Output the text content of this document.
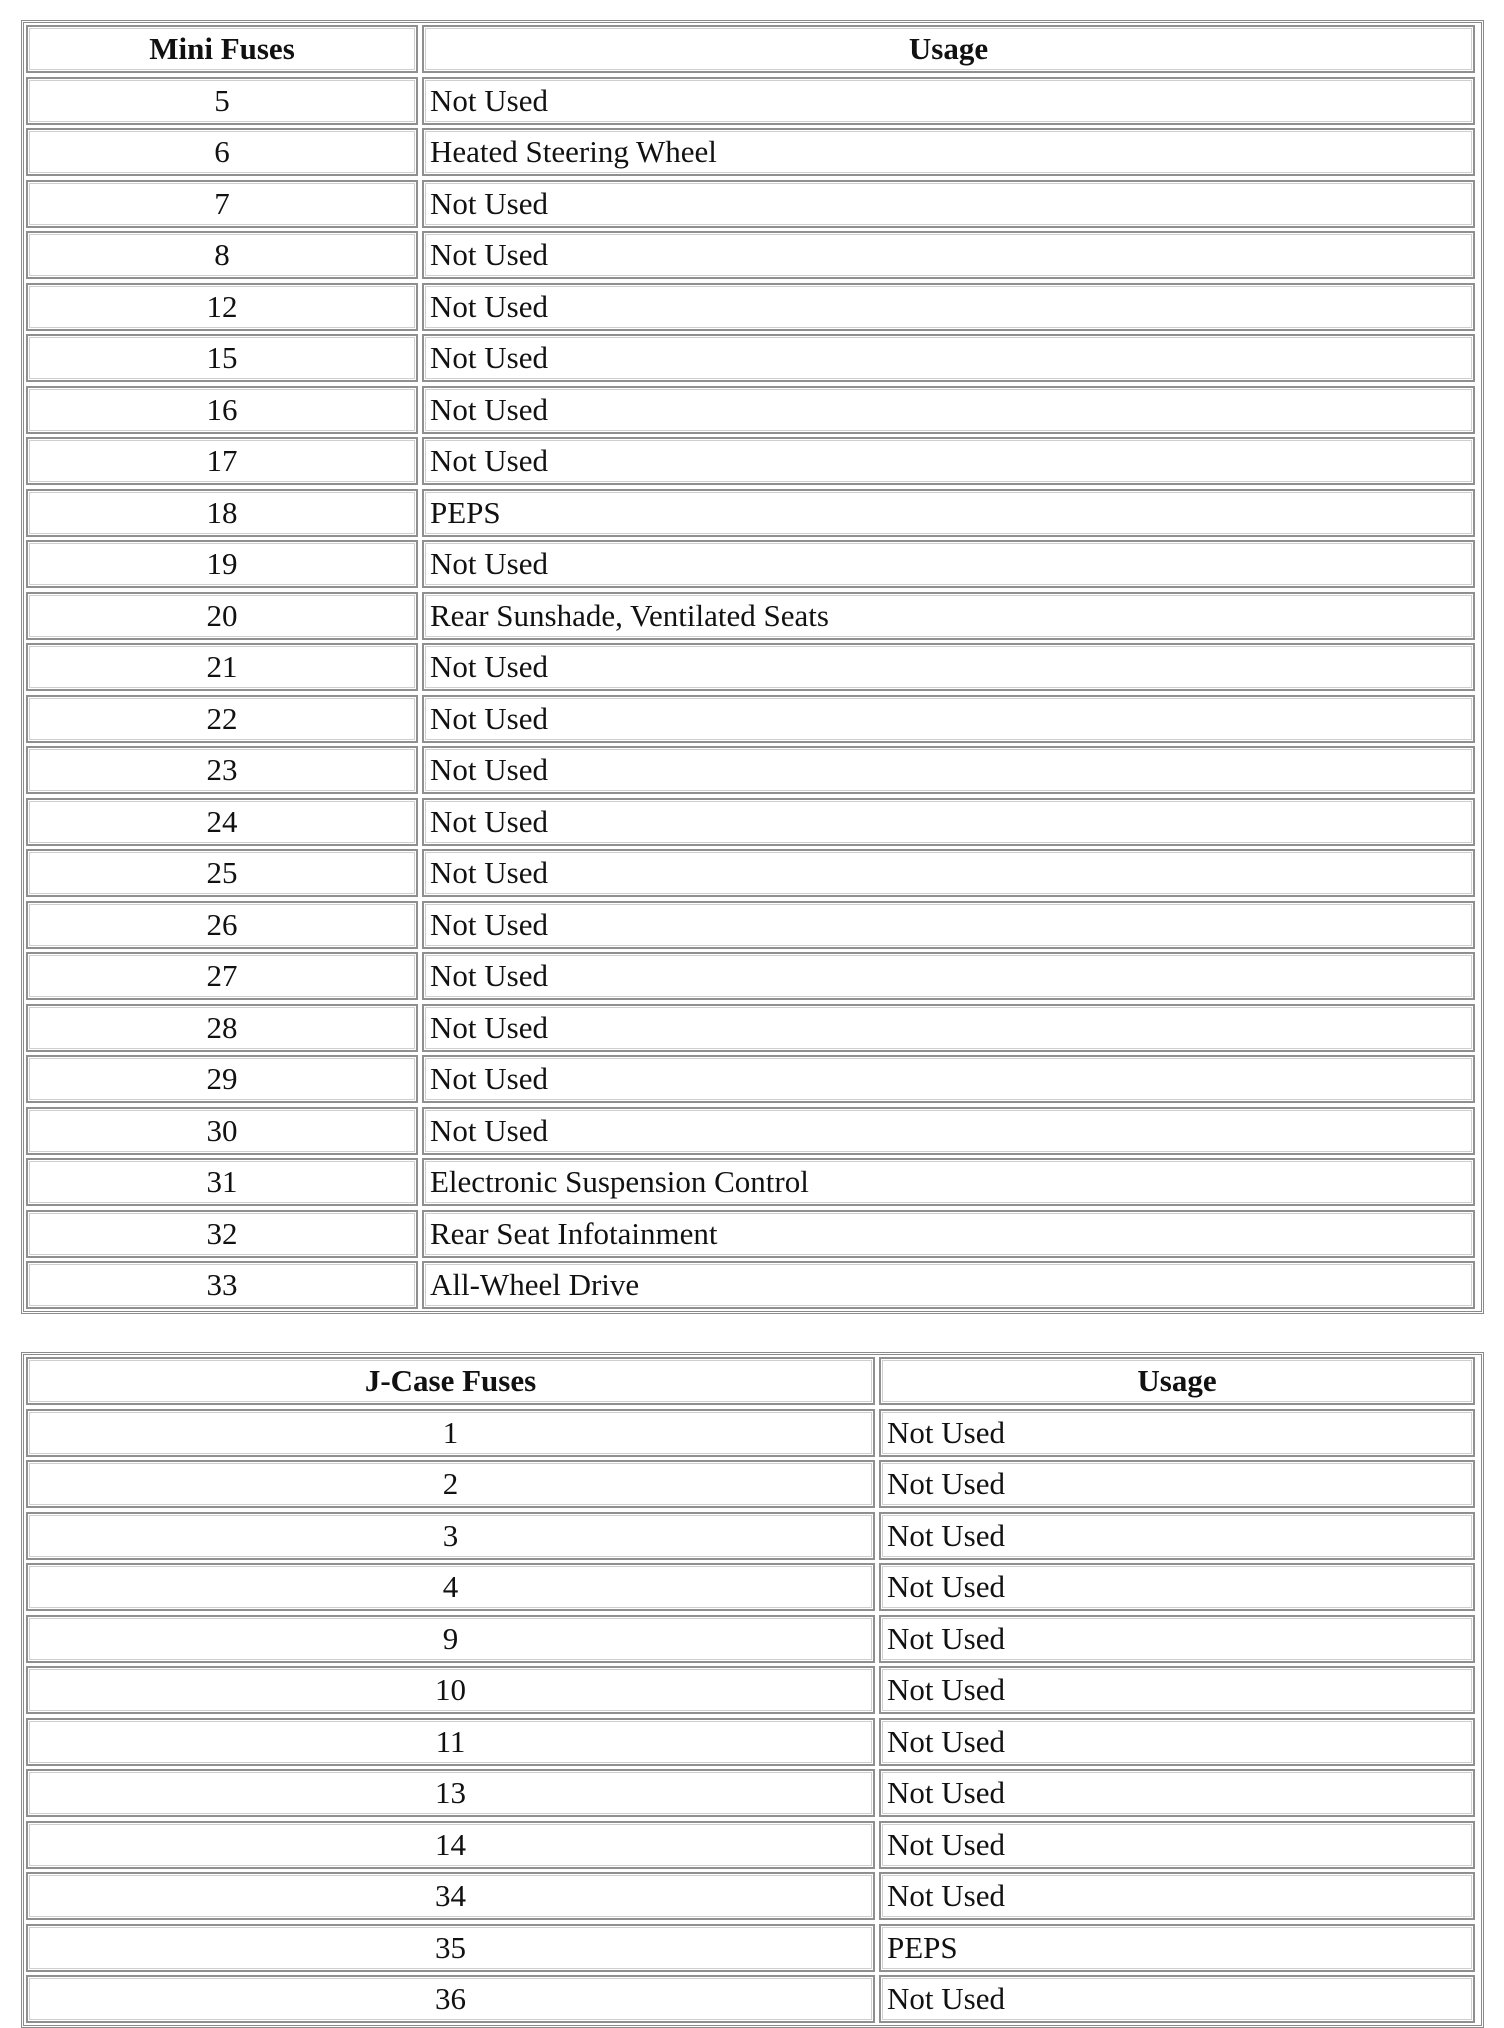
Mini Fuses	Usage
5	Not Used
6	Heated Steering Wheel
7	Not Used
8	Not Used
12	Not Used
15	Not Used
16	Not Used
17	Not Used
18	PEPS
19	Not Used
20	Rear Sunshade, Ventilated Seats
21	Not Used
22	Not Used
23	Not Used
24	Not Used
25	Not Used
26	Not Used
27	Not Used
28	Not Used
29	Not Used
30	Not Used
31	Electronic Suspension Control
32	Rear Seat Infotainment
33	All-Wheel Drive
J-Case Fuses	Usage
1	Not Used
2	Not Used
3	Not Used
4	Not Used
9	Not Used
10	Not Used
11	Not Used
13	Not Used
14	Not Used
34	Not Used
35	PEPS
36	Not Used
